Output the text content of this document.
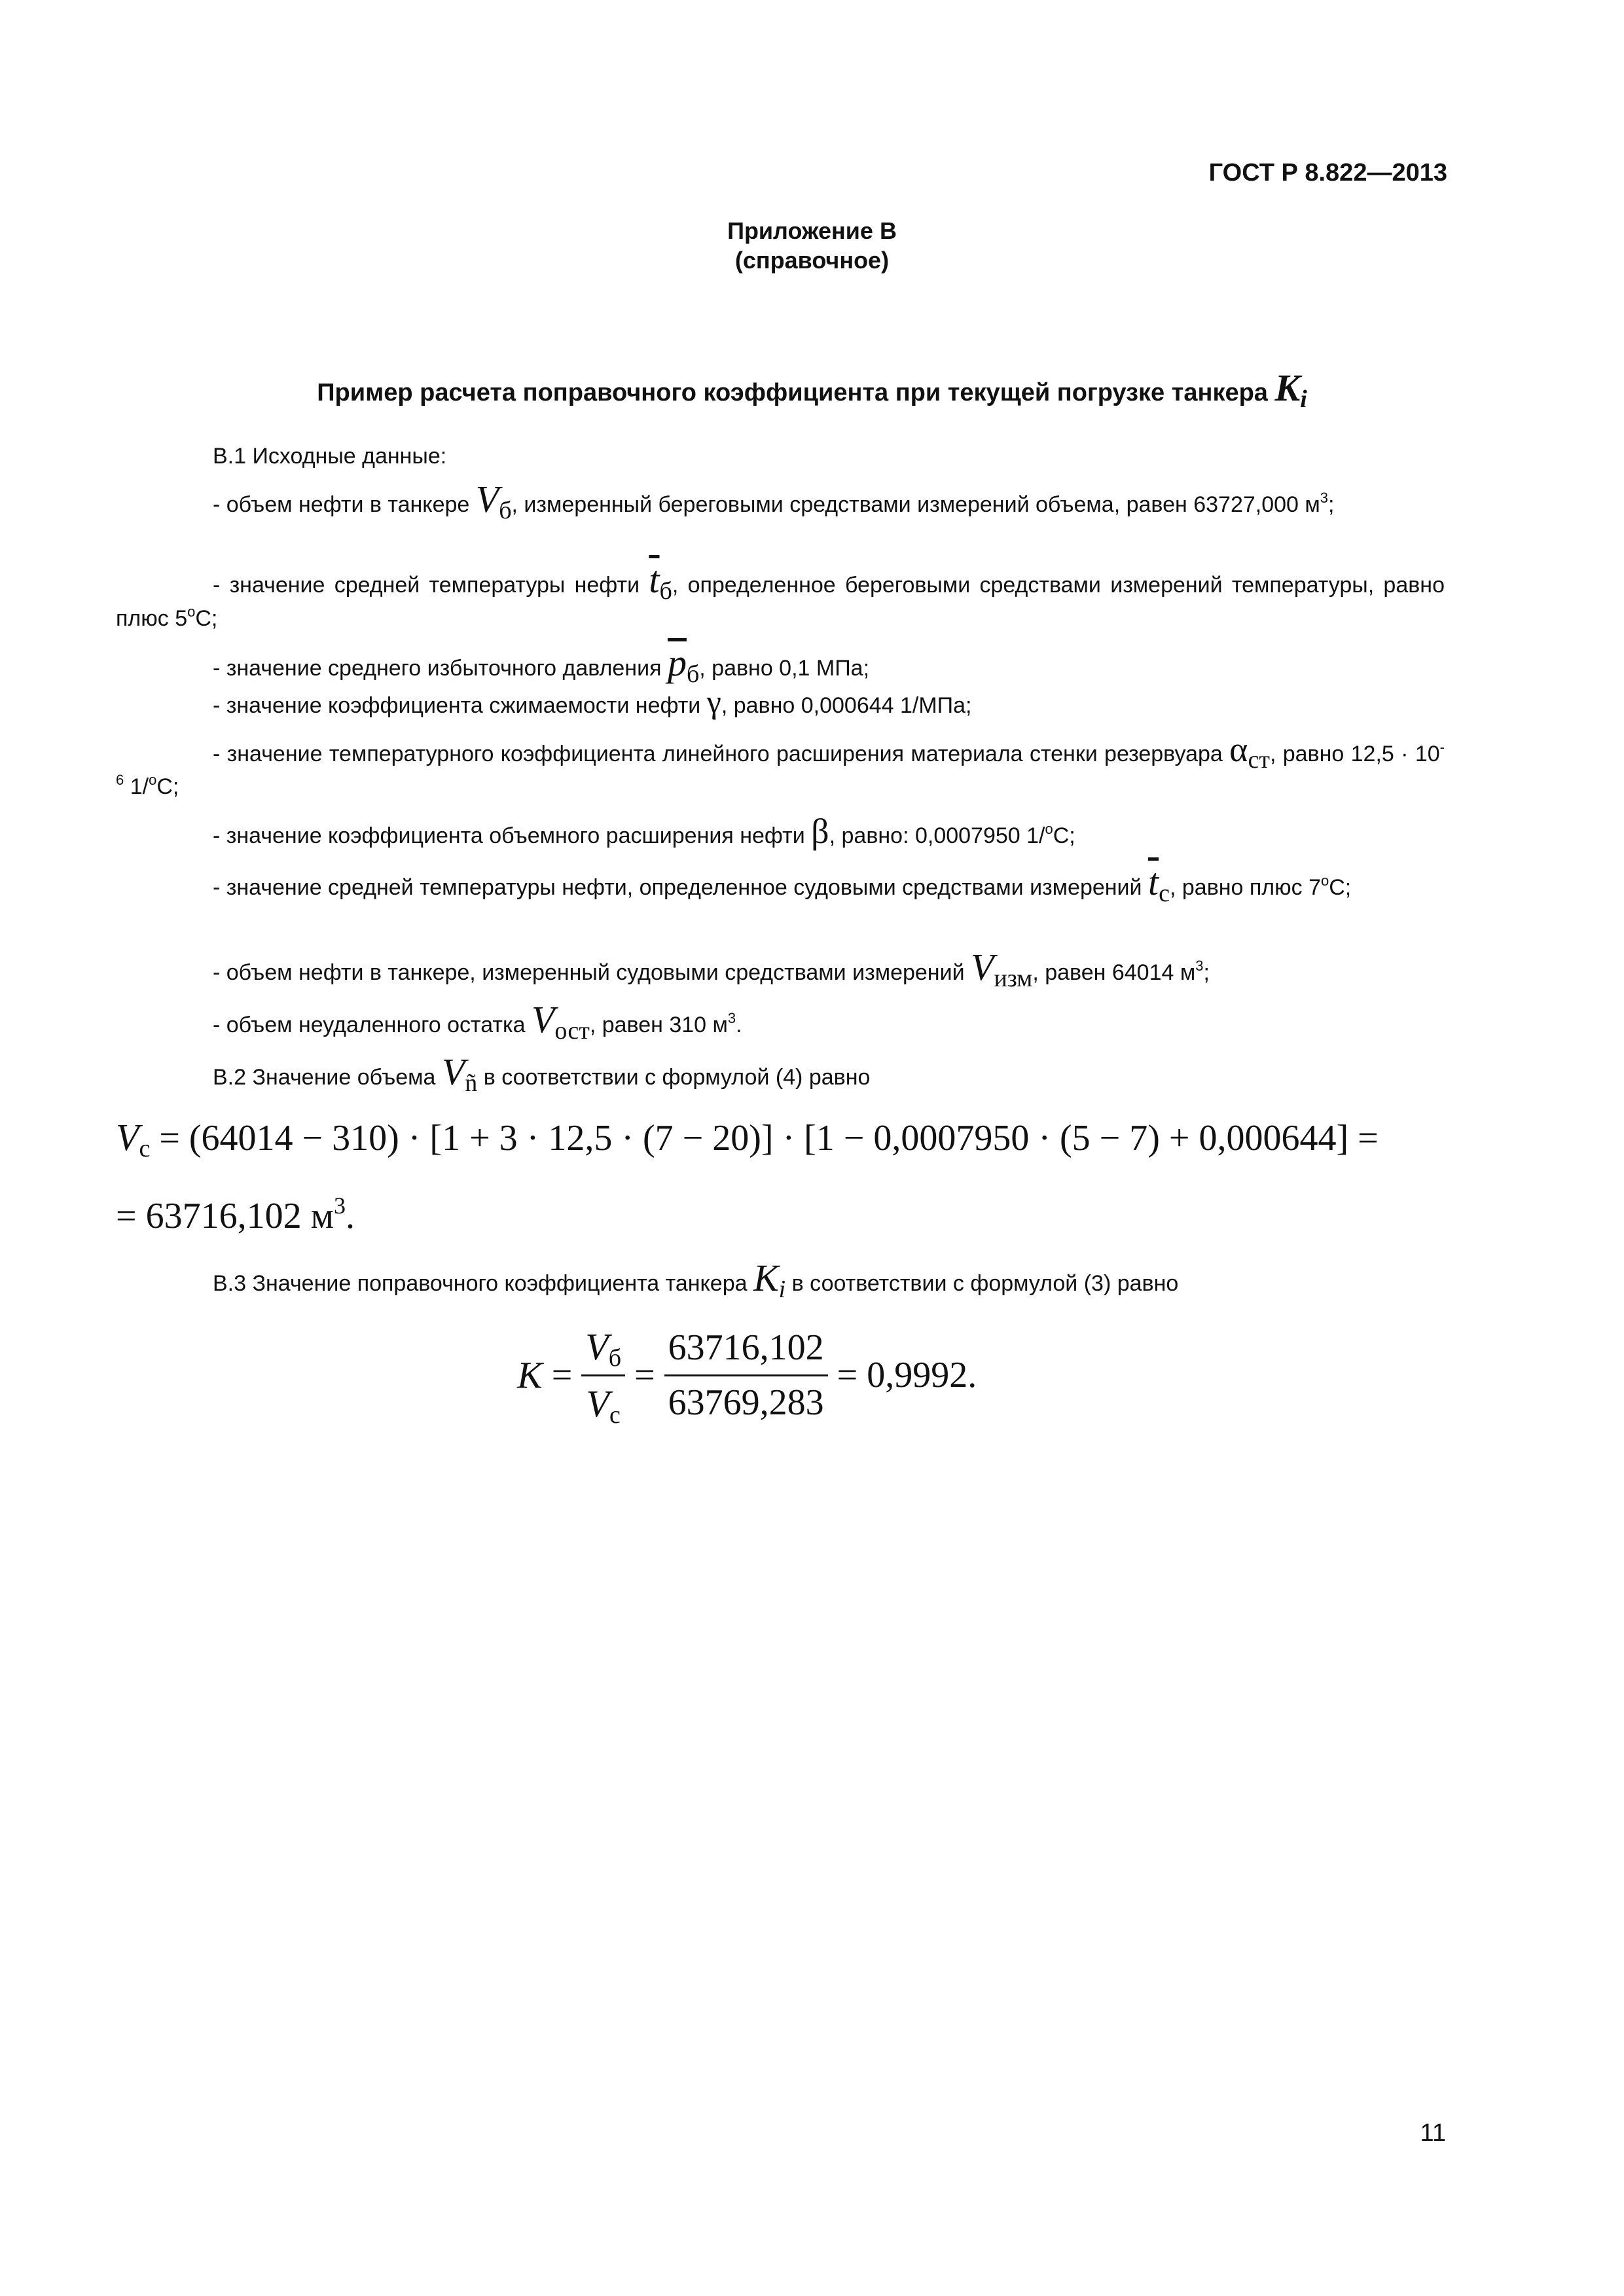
ГОСТ Р 8.822—2013
Приложение В
(справочное)
Пример расчета поправочного коэффициента при текущей погрузке танкера Ki
В.1 Исходные данные:
- объем нефти в танкере Vб, измеренный береговыми средствами измерений объема, равен 63727,000 $м^3$;
- значение средней температуры нефти $\overline{t}б$, определенное береговыми средствами измерений температуры, равно плюс $5^оС$;
- значение среднего избыточного давления $\overline{p}б$, равно 0,1 МПа;
- значение коэффициента сжимаемости нефти γ, равно 0,000644 1/МПа;
- значение температурного коэффициента линейного расширения материала стенки резервуара αст, равно $12,5 \cdot 10^{-6}$ 1/$^о$С;
- значение коэффициента объемного расширения нефти β, равно: 0,0007950 1/$^о$С;
- значение средней температуры нефти, определенное судовыми средствами измерений $\overline{t}с$, равно плюс $7^оС$;
- объем нефти в танкере, измеренный судовыми средствами измерений Vизм, равен 64014 $м^3$;
- объем неудаленного остатка Vост, равен 310 $м^3$.
В.2 Значение объема Vñ в соответствии с формулой (4) равно
Vс = (64014 − 310) · [1 + 3 · 12,5 · (7 − 20)] · [1 − 0,0007950 · (5 − 7) + 0,000644] =
= 63716,102 $м^3$.
В.3 Значение поправочного коэффициента танкера Ki в соответствии с формулой (3) равно
$K = \frac{Vб}{Vс} = \frac{63716,102}{63769,283} = 0,9992$.
11
